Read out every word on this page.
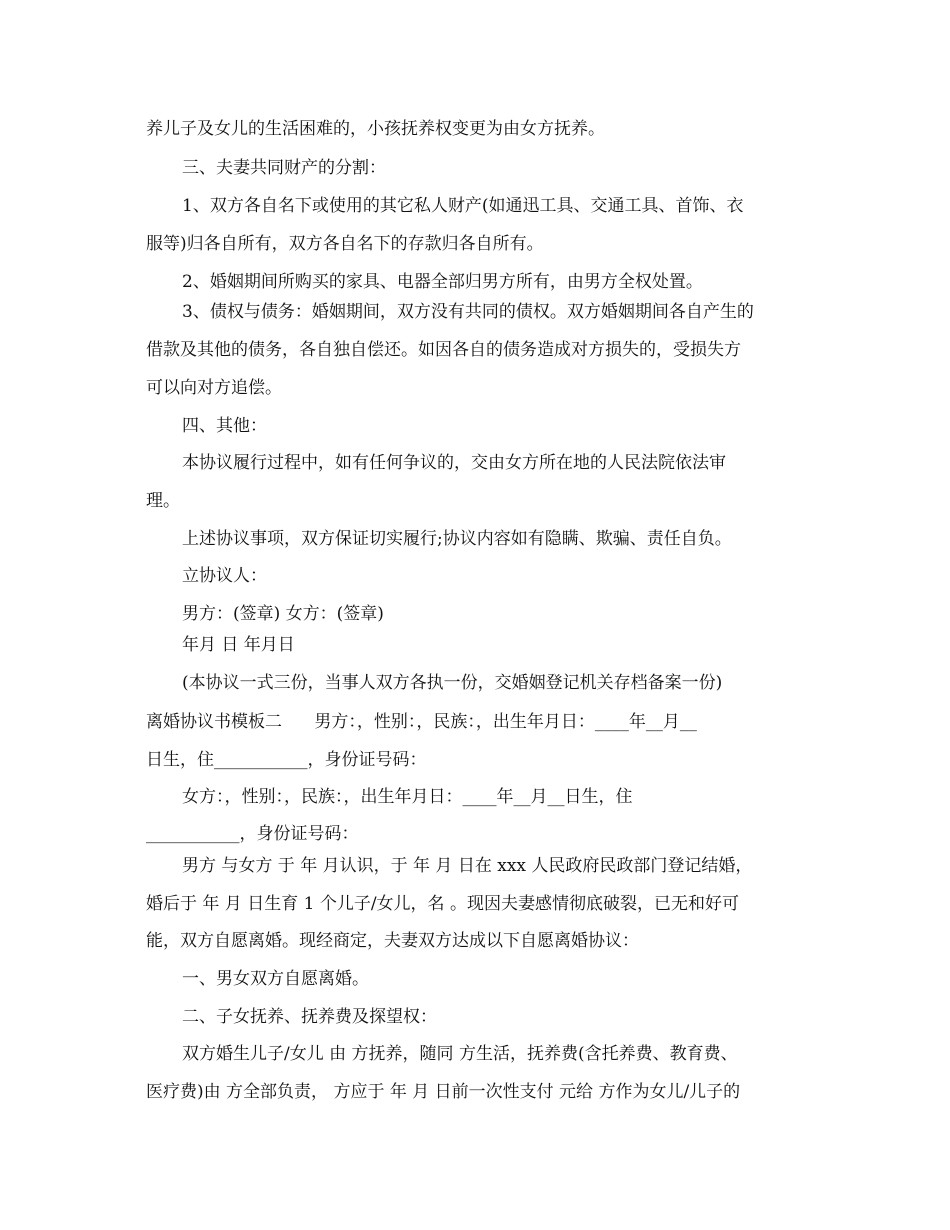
养儿子及女儿的生活困难的，小孩抚养权变更为由女方抚养。
三、夫妻共同财产的分割：
1、双方各自名下或使用的其它私人财产(如通迅工具、交通工具、首饰、衣
服等)归各自所有，双方各自名下的存款归各自所有。
2、婚姻期间所购买的家具、电器全部归男方所有，由男方全权处置。
3、债权与债务：婚姻期间，双方没有共同的债权。双方婚姻期间各自产生的
借款及其他的债务，各自独自偿还。如因各自的债务造成对方损失的，受损失方
可以向对方追偿。
四、其他：
本协议履行过程中，如有任何争议的，交由女方所在地的人民法院依法审
理。
上述协议事项，双方保证切实履行;协议内容如有隐瞒、欺骗、责任自负。
立协议人：
男方：(签章) 女方：(签章)
年月 日 年月日
(本协议一式三份，当事人双方各执一份，交婚姻登记机关存档备案一份)
离婚协议书模板二      男方：，性别：，民族：，出生年月日：____年__月__
日生，住___________，身份证号码：
女方：，性别：，民族：，出生年月日：____年__月__日生，住
___________，身份证号码：
男方 与女方 于 年 月认识，于 年 月 日在 xxx 人民政府民政部门登记结婚，
婚后于 年 月 日生育 1 个儿子/女儿，名 。现因夫妻感情彻底破裂，已无和好可
能，双方自愿离婚。现经商定，夫妻双方达成以下自愿离婚协议：
一、男女双方自愿离婚。
二、子女抚养、抚养费及探望权：
双方婚生儿子/女儿 由 方抚养，随同 方生活，抚养费(含托养费、教育费、
医疗费)由 方全部负责， 方应于 年 月 日前一次性支付 元给 方作为女儿/儿子的
